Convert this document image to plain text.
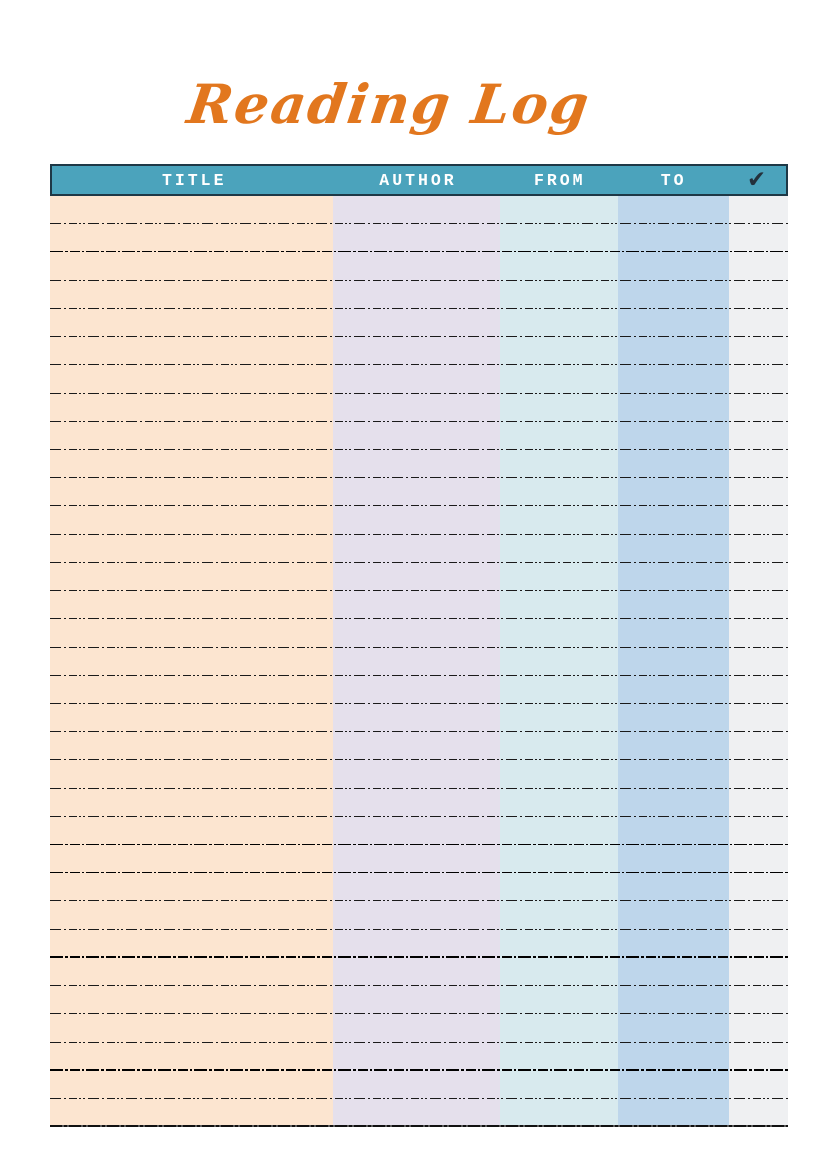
Reading Log
TITLE	AUTHOR	FROM	TO	✔
